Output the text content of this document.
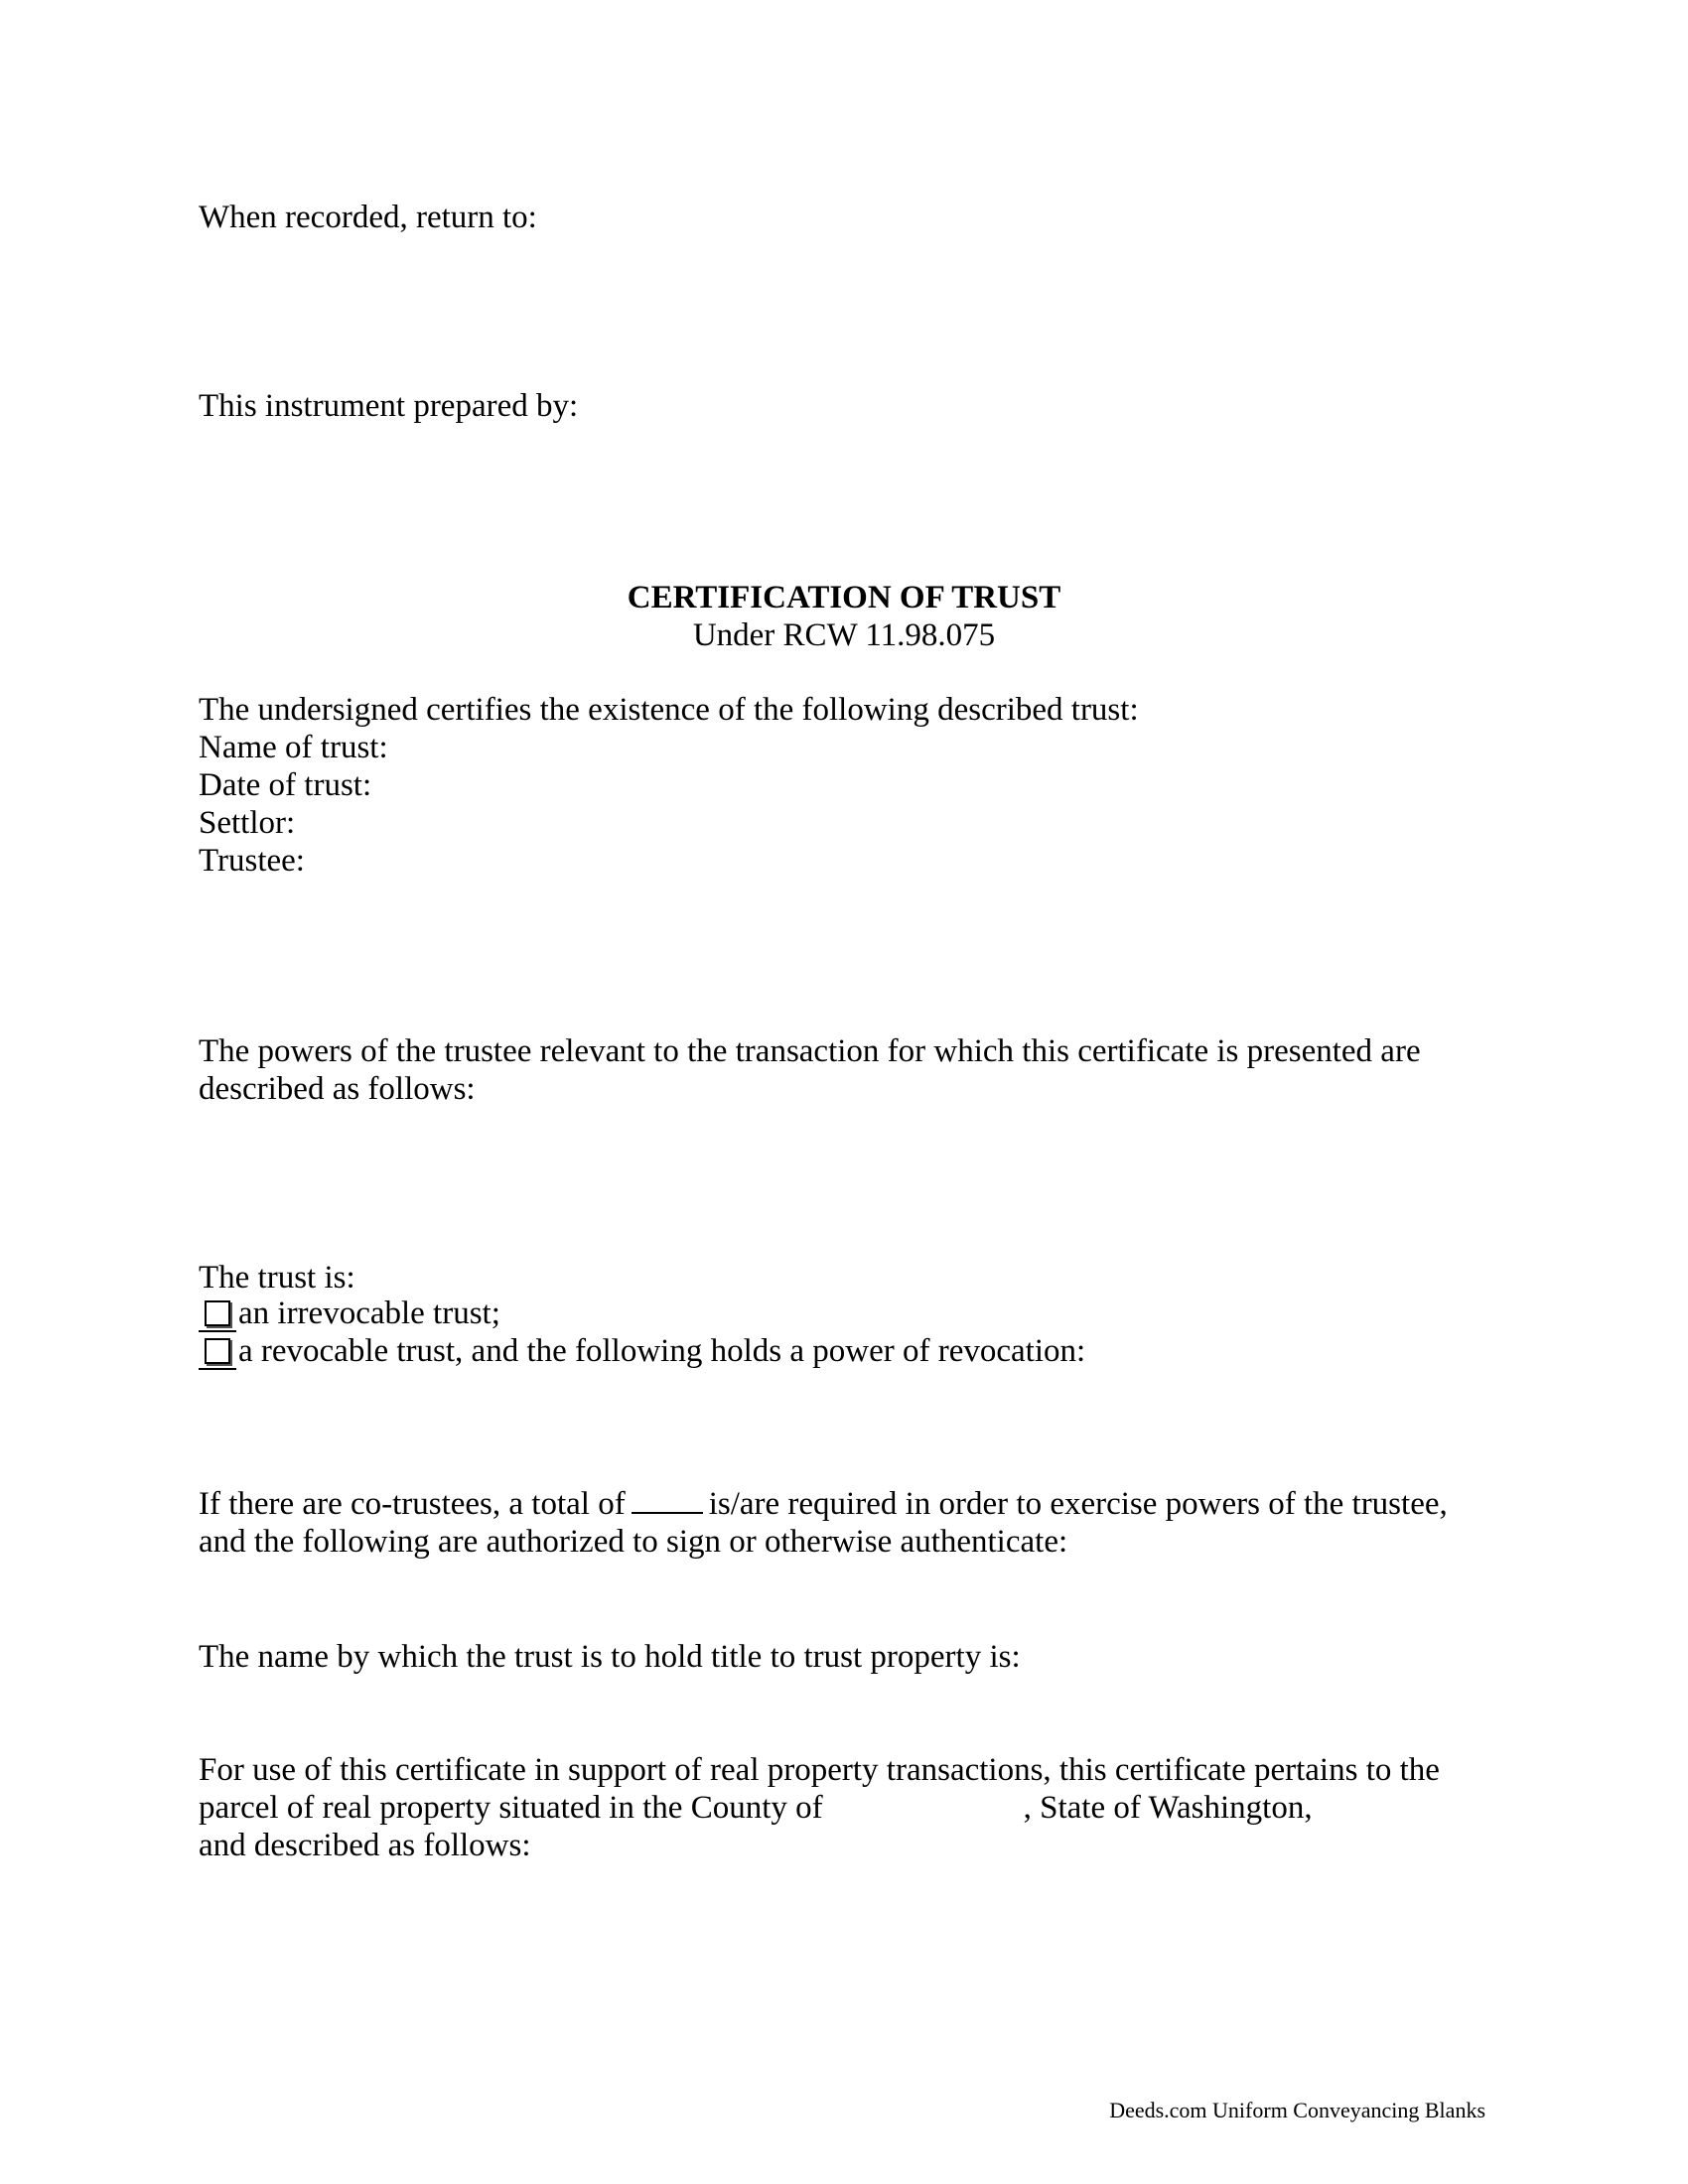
When recorded, return to:
This instrument prepared by:
CERTIFICATION OF TRUST
Under RCW 11.98.075
The undersigned certifies the existence of the following described trust:
Name of trust:
Date of trust:
Settlor:
Trustee:
The powers of the trustee relevant to the transaction for which this certificate is presented are
described as follows:
The trust is:
an irrevocable trust;
a revocable trust, and the following holds a power of revocation:
If there are co-trustees, a total of	is/are required in order to exercise powers of the trustee,
and the following are authorized to sign or otherwise authenticate:
The name by which the trust is to hold title to trust property is:
For use of this certificate in support of real property transactions, this certificate pertains to the
parcel of real property situated in the County of	, State of Washington,
and described as follows:
Deeds.com Uniform Conveyancing Blanks
